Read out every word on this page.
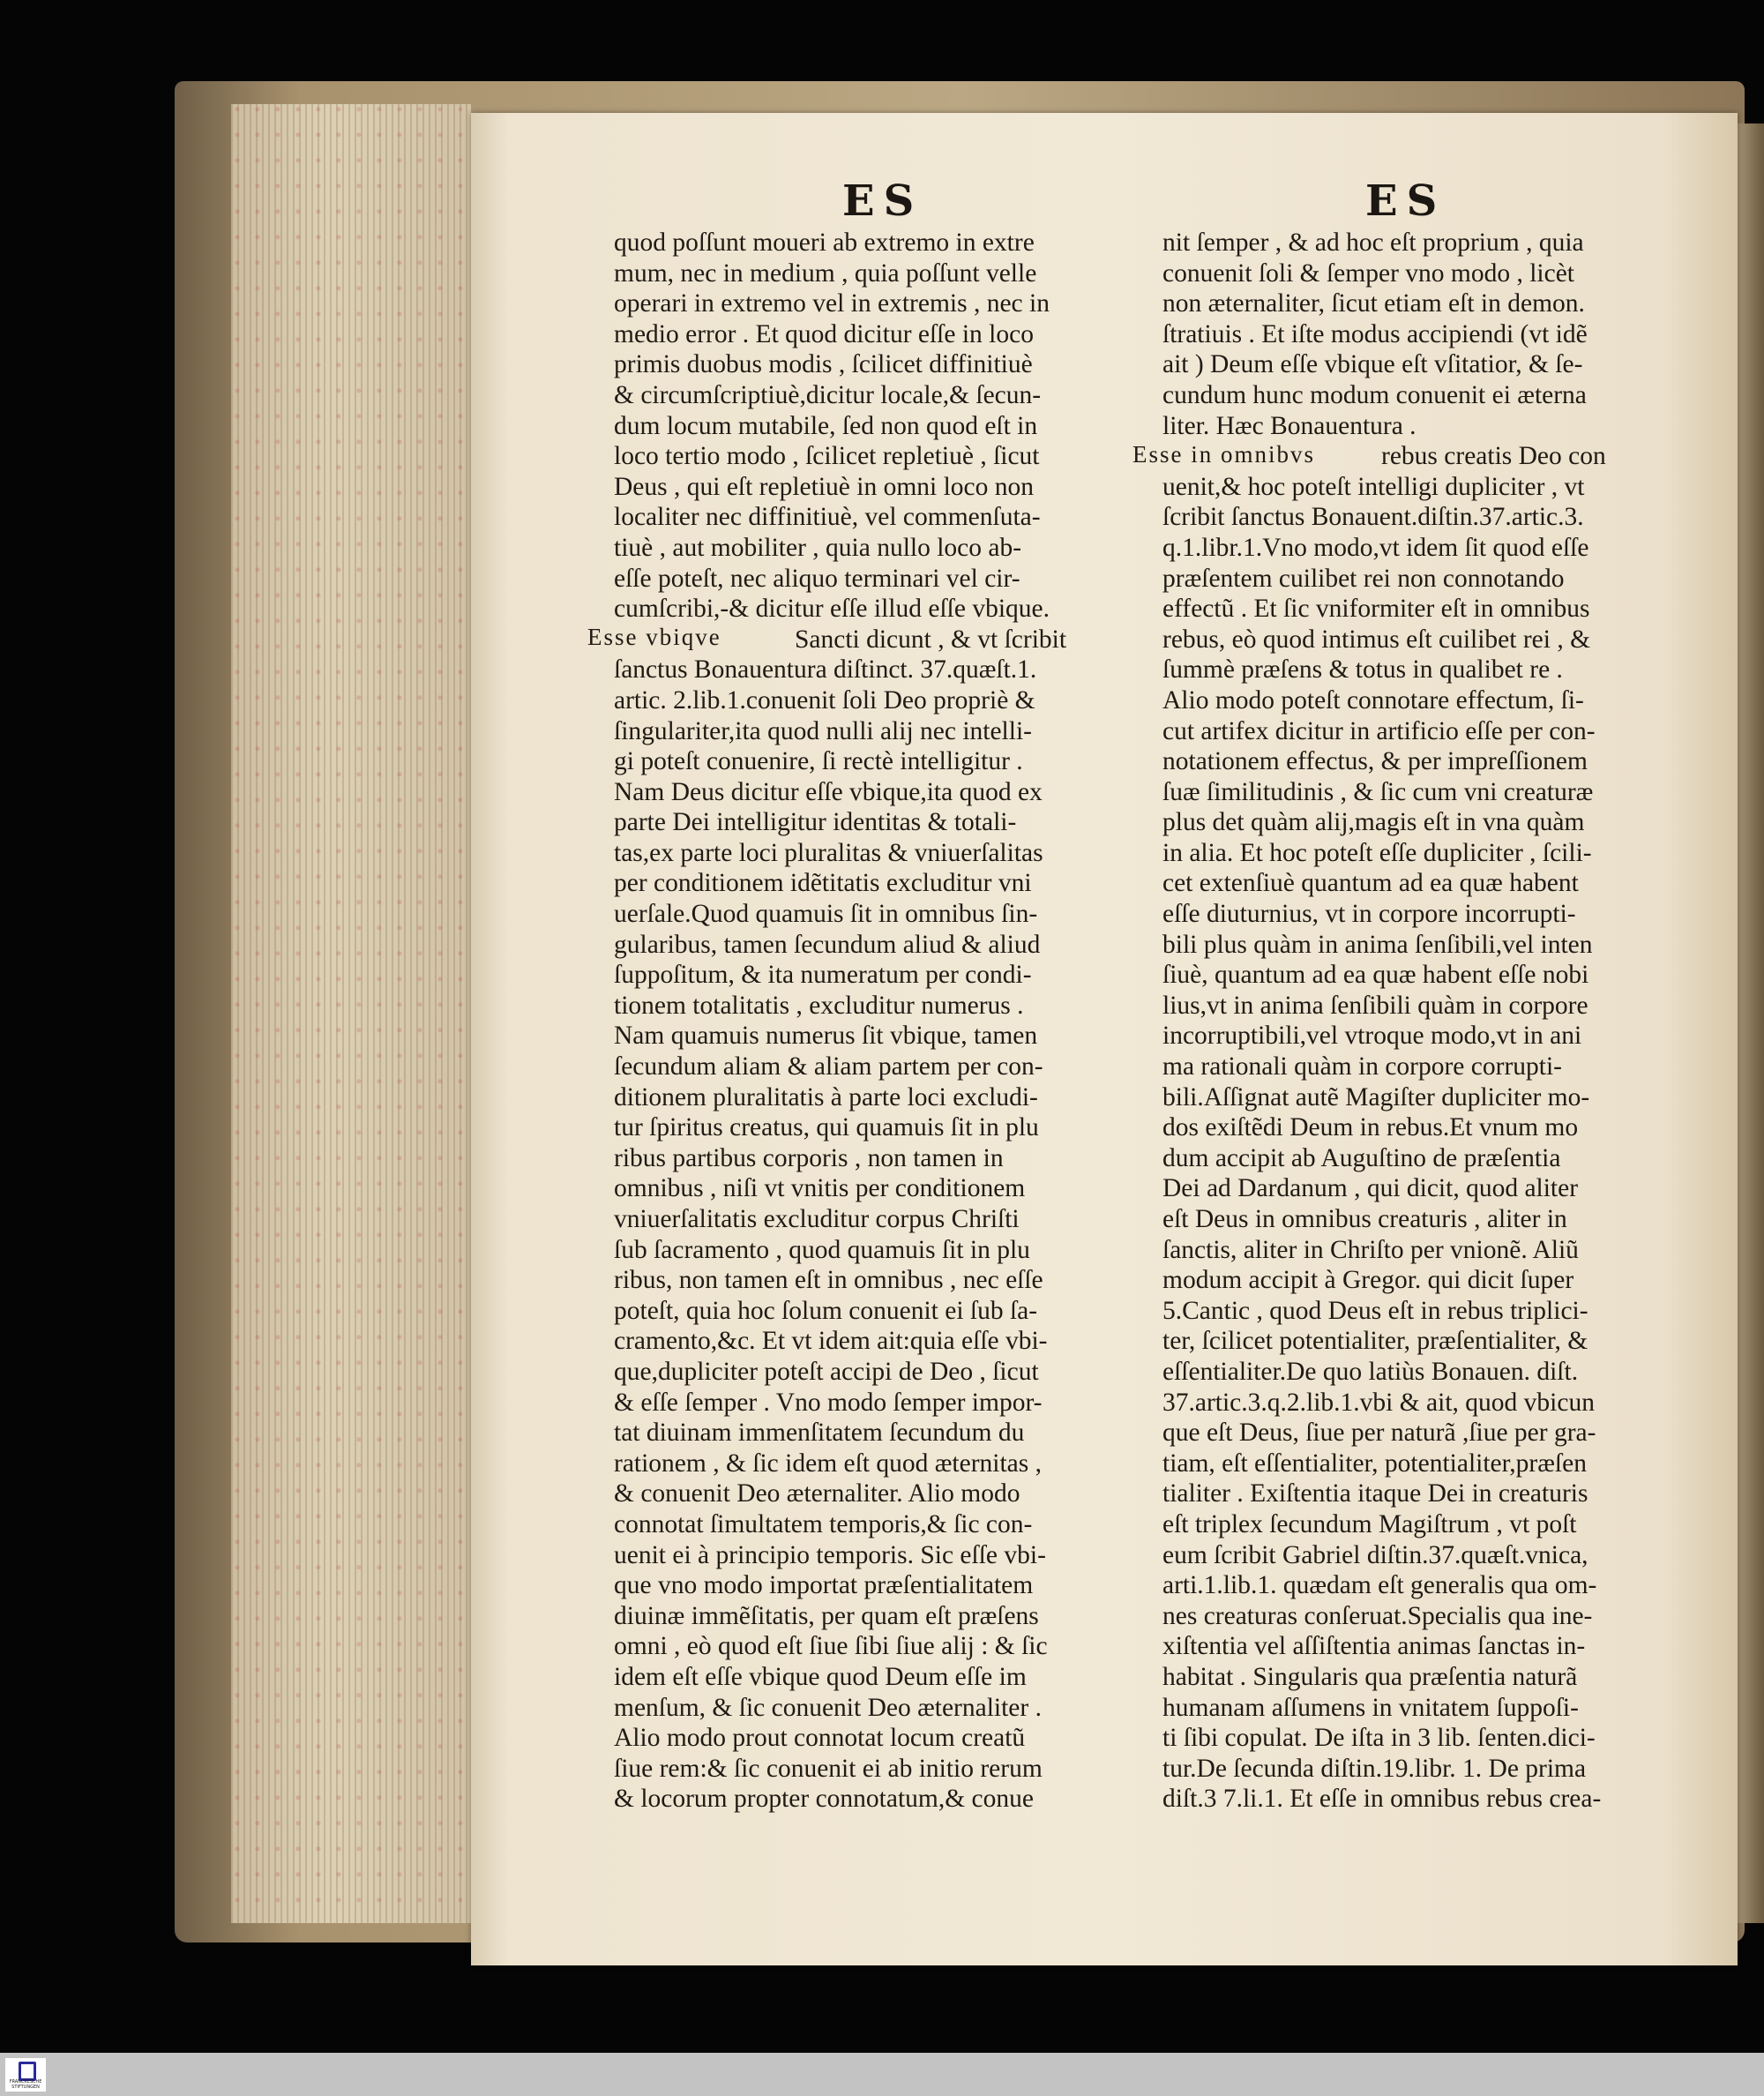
ES	ES
quod poſſunt moueri ab extremo in extre
mum, nec in medium , quia poſſunt velle
operari in extremo vel in extremis , nec in
medio error . Et quod dicitur eſſe in loco
primis duobus modis , ſcilicet diffinitiuè
& circumſcriptiuè,dicitur locale,& ſecun-
dum locum mutabile, ſed non quod eſt in
loco tertio modo , ſcilicet repletiuè , ſicut
Deus , qui eſt repletiuè in omni loco non
localiter nec diffinitiuè, vel commenſuta-
tiuè , aut mobiliter , quia nullo loco ab-
eſſe poteſt, nec aliquo terminari vel cir-
cumſcribi,-& dicitur eſſe illud eſſe vbique.
Sancti dicunt , & vt ſcribit
ſanctus Bonauentura diſtinct. 37.quæſt.1.
artic. 2.lib.1.conuenit ſoli Deo propriè &
ſingulariter,ita quod nulli alij nec intelli-
gi poteſt conuenire, ſi rectè intelligitur .
Nam Deus dicitur eſſe vbique,ita quod ex
parte Dei intelligitur identitas & totali-
tas,ex parte loci pluralitas & vniuerſalitas
per conditionem idẽtitatis excluditur vni
uerſale.Quod quamuis ſit in omnibus ſin-
gularibus, tamen ſecundum aliud & aliud
ſuppoſitum, & ita numeratum per condi-
tionem totalitatis , excluditur numerus .
Nam quamuis numerus ſit vbique, tamen
ſecundum aliam & aliam partem per con-
ditionem pluralitatis à parte loci excludi-
tur ſpiritus creatus, qui quamuis ſit in plu
ribus partibus corporis , non tamen in
omnibus , niſi vt vnitis per conditionem
vniuerſalitatis excluditur corpus Chriſti
ſub ſacramento , quod quamuis ſit in plu
ribus, non tamen eſt in omnibus , nec eſſe
poteſt, quia hoc ſolum conuenit ei ſub ſa-
cramento,&c. Et vt idem ait:quia eſſe vbi-
que,dupliciter poteſt accipi de Deo , ſicut
& eſſe ſemper . Vno modo ſemper impor-
tat diuinam immenſitatem ſecundum du
rationem , & ſic idem eſt quod æternitas ,
& conuenit Deo æternaliter. Alio modo
connotat ſimultatem temporis,& ſic con-
uenit ei à principio temporis. Sic eſſe vbi-
que vno modo importat præſentialitatem
diuinæ immẽſitatis, per quam eſt præſens
omni , eò quod eſt ſiue ſibi ſiue alij : & ſic
idem eſt eſſe vbique quod Deum eſſe im
menſum, & ſic conuenit Deo æternaliter .
Alio modo prout connotat locum creatũ
ſiue rem:& ſic conuenit ei ab initio rerum
& locorum propter connotatum,& conue
nit ſemper , & ad hoc eſt proprium , quia
conuenit ſoli & ſemper vno modo , licèt
non æternaliter, ſicut etiam eſt in demon.
ſtratiuis . Et iſte modus accipiendi (vt idẽ
ait ) Deum eſſe vbique eſt vſitatior, & ſe-
cundum hunc modum conuenit ei æterna
liter. Hæc Bonauentura .
rebus creatis Deo con
uenit,& hoc poteſt intelligi dupliciter , vt
ſcribit ſanctus Bonauent.diſtin.37.artic.3.
q.1.libr.1.Vno modo,vt idem ſit quod eſſe
præſentem cuilibet rei non connotando
effectũ . Et ſic vniformiter eſt in omnibus
rebus, eò quod intimus eſt cuilibet rei , &
ſummè præſens & totus in qualibet re .
Alio modo poteſt connotare effectum, ſi-
cut artifex dicitur in artificio eſſe per con-
notationem effectus, & per impreſſionem
ſuæ ſimilitudinis , & ſic cum vni creaturæ
plus det quàm alij,magis eſt in vna quàm
in alia. Et hoc poteſt eſſe dupliciter , ſcili-
cet extenſiuè quantum ad ea quæ habent
eſſe diuturnius, vt in corpore incorrupti-
bili plus quàm in anima ſenſibili,vel inten
ſiuè, quantum ad ea quæ habent eſſe nobi
lius,vt in anima ſenſibili quàm in corpore
incorruptibili,vel vtroque modo,vt in ani
ma rationali quàm in corpore corrupti-
bili.Aſſignat autẽ Magiſter dupliciter mo-
dos exiſtẽdi Deum in rebus.Et vnum mo
dum accipit ab Auguſtino de præſentia
Dei ad Dardanum , qui dicit, quod aliter
eſt Deus in omnibus creaturis , aliter in
ſanctis, aliter in Chriſto per vnionẽ. Aliũ
modum accipit à Gregor. qui dicit ſuper
5.Cantic , quod Deus eſt in rebus triplici-
ter, ſcilicet potentialiter, præſentialiter, &
eſſentialiter.De quo latiùs Bonauen. diſt.
37.artic.3.q.2.lib.1.vbi & ait, quod vbicun
que eſt Deus, ſiue per naturã ,ſiue per gra-
tiam, eſt eſſentialiter, potentialiter,præſen
tialiter . Exiſtentia itaque Dei in creaturis
eſt triplex ſecundum Magiſtrum , vt poſt
eum ſcribit Gabriel diſtin.37.quæſt.vnica,
arti.1.lib.1. quædam eſt generalis qua om-
nes creaturas conſeruat.Specialis qua ine-
xiſtentia vel aſſiſtentia animas ſanctas in-
habitat . Singularis qua præſentia naturã
humanam aſſumens in vnitatem ſuppoſi-
ti ſibi copulat. De iſta in 3 lib. ſenten.dici-
tur.De ſecunda diſtin.19.libr. 1. De prima
diſt.3 7.li.1. Et eſſe in omnibus rebus crea-
Esse vbiqve
Esse in omnibvs
FRANCKESCHE STIFTUNGEN
